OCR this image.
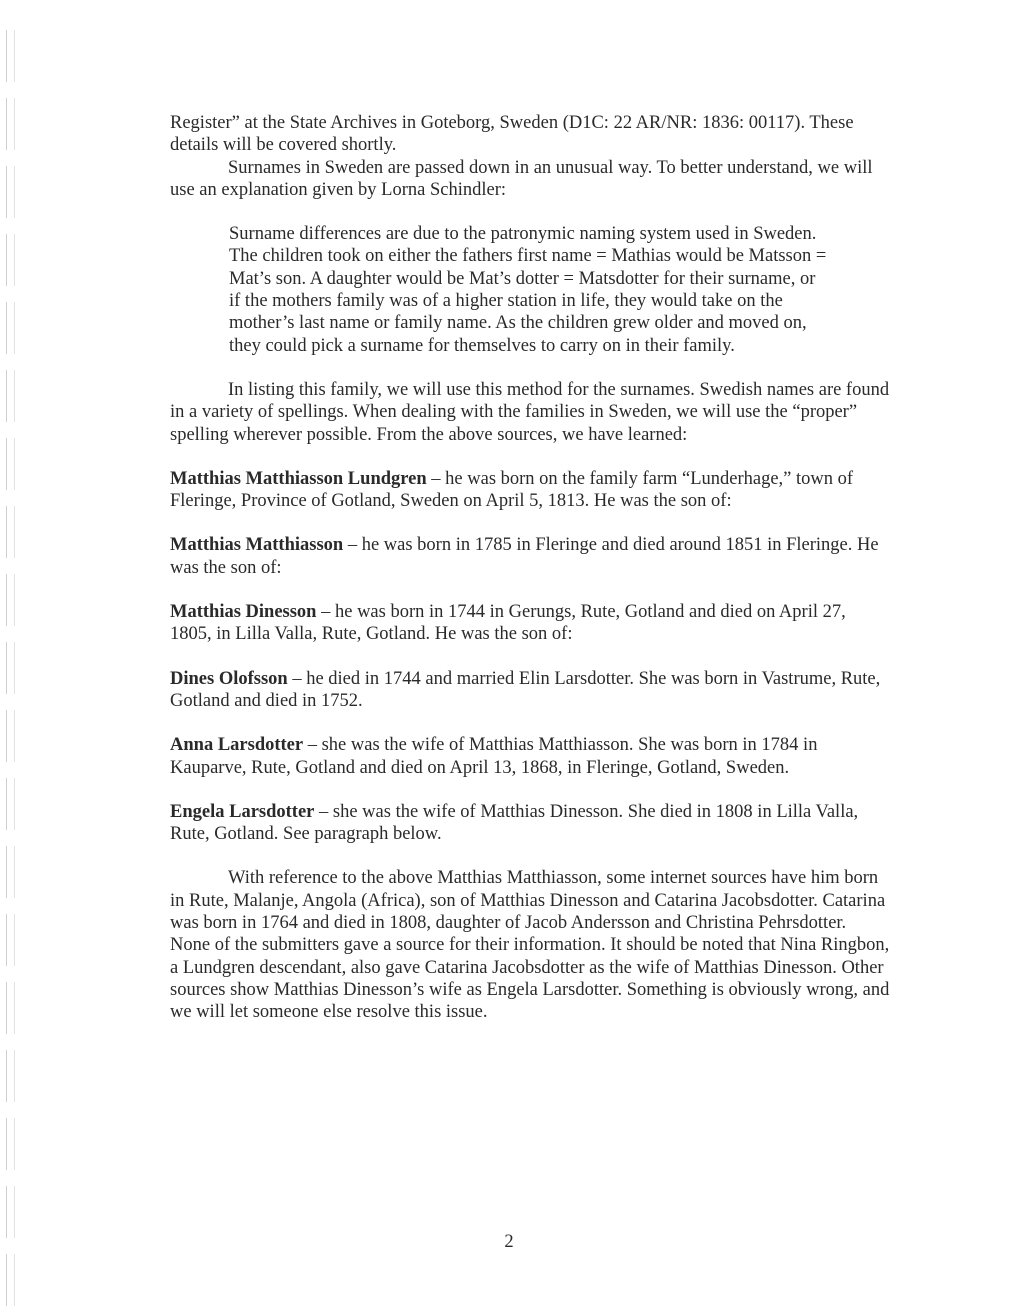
Register” at the State Archives in Goteborg, Sweden (D1C: 22 AR/NR: 1836: 00117). These details will be covered shortly.

Surnames in Sweden are passed down in an unusual way. To better understand, we will use an explanation given by Lorna Schindler:

Surname differences are due to the patronymic naming system used in Sweden. The children took on either the fathers first name = Mathias would be Matsson = Mat’s son. A daughter would be Mat’s dotter = Matsdotter for their surname, or if the mothers family was of a higher station in life, they would take on the mother’s last name or family name. As the children grew older and moved on, they could pick a surname for themselves to carry on in their family.

In listing this family, we will use this method for the surnames. Swedish names are found in a variety of spellings. When dealing with the families in Sweden, we will use the “proper” spelling wherever possible. From the above sources, we have learned:

Matthias Matthiasson Lundgren – he was born on the family farm “Lunderhage,” town of Fleringe, Province of Gotland, Sweden on April 5, 1813. He was the son of:

Matthias Matthiasson – he was born in 1785 in Fleringe and died around 1851 in Fleringe. He was the son of:

Matthias Dinesson – he was born in 1744 in Gerungs, Rute, Gotland and died on April 27, 1805, in Lilla Valla, Rute, Gotland. He was the son of:

Dines Olofsson – he died in 1744 and married Elin Larsdotter. She was born in Vastrume, Rute, Gotland and died in 1752.

Anna Larsdotter – she was the wife of Matthias Matthiasson. She was born in 1784 in Kauparve, Rute, Gotland and died on April 13, 1868, in Fleringe, Gotland, Sweden.

Engela Larsdotter – she was the wife of Matthias Dinesson. She died in 1808 in Lilla Valla, Rute, Gotland. See paragraph below.

With reference to the above Matthias Matthiasson, some internet sources have him born in Rute, Malanje, Angola (Africa), son of Matthias Dinesson and Catarina Jacobsdotter. Catarina was born in 1764 and died in 1808, daughter of Jacob Andersson and Christina Pehrsdotter. None of the submitters gave a source for their information. It should be noted that Nina Ringbon, a Lundgren descendant, also gave Catarina Jacobsdotter as the wife of Matthias Dinesson. Other sources show Matthias Dinesson’s wife as Engela Larsdotter. Something is obviously wrong, and we will let someone else resolve this issue.

2
